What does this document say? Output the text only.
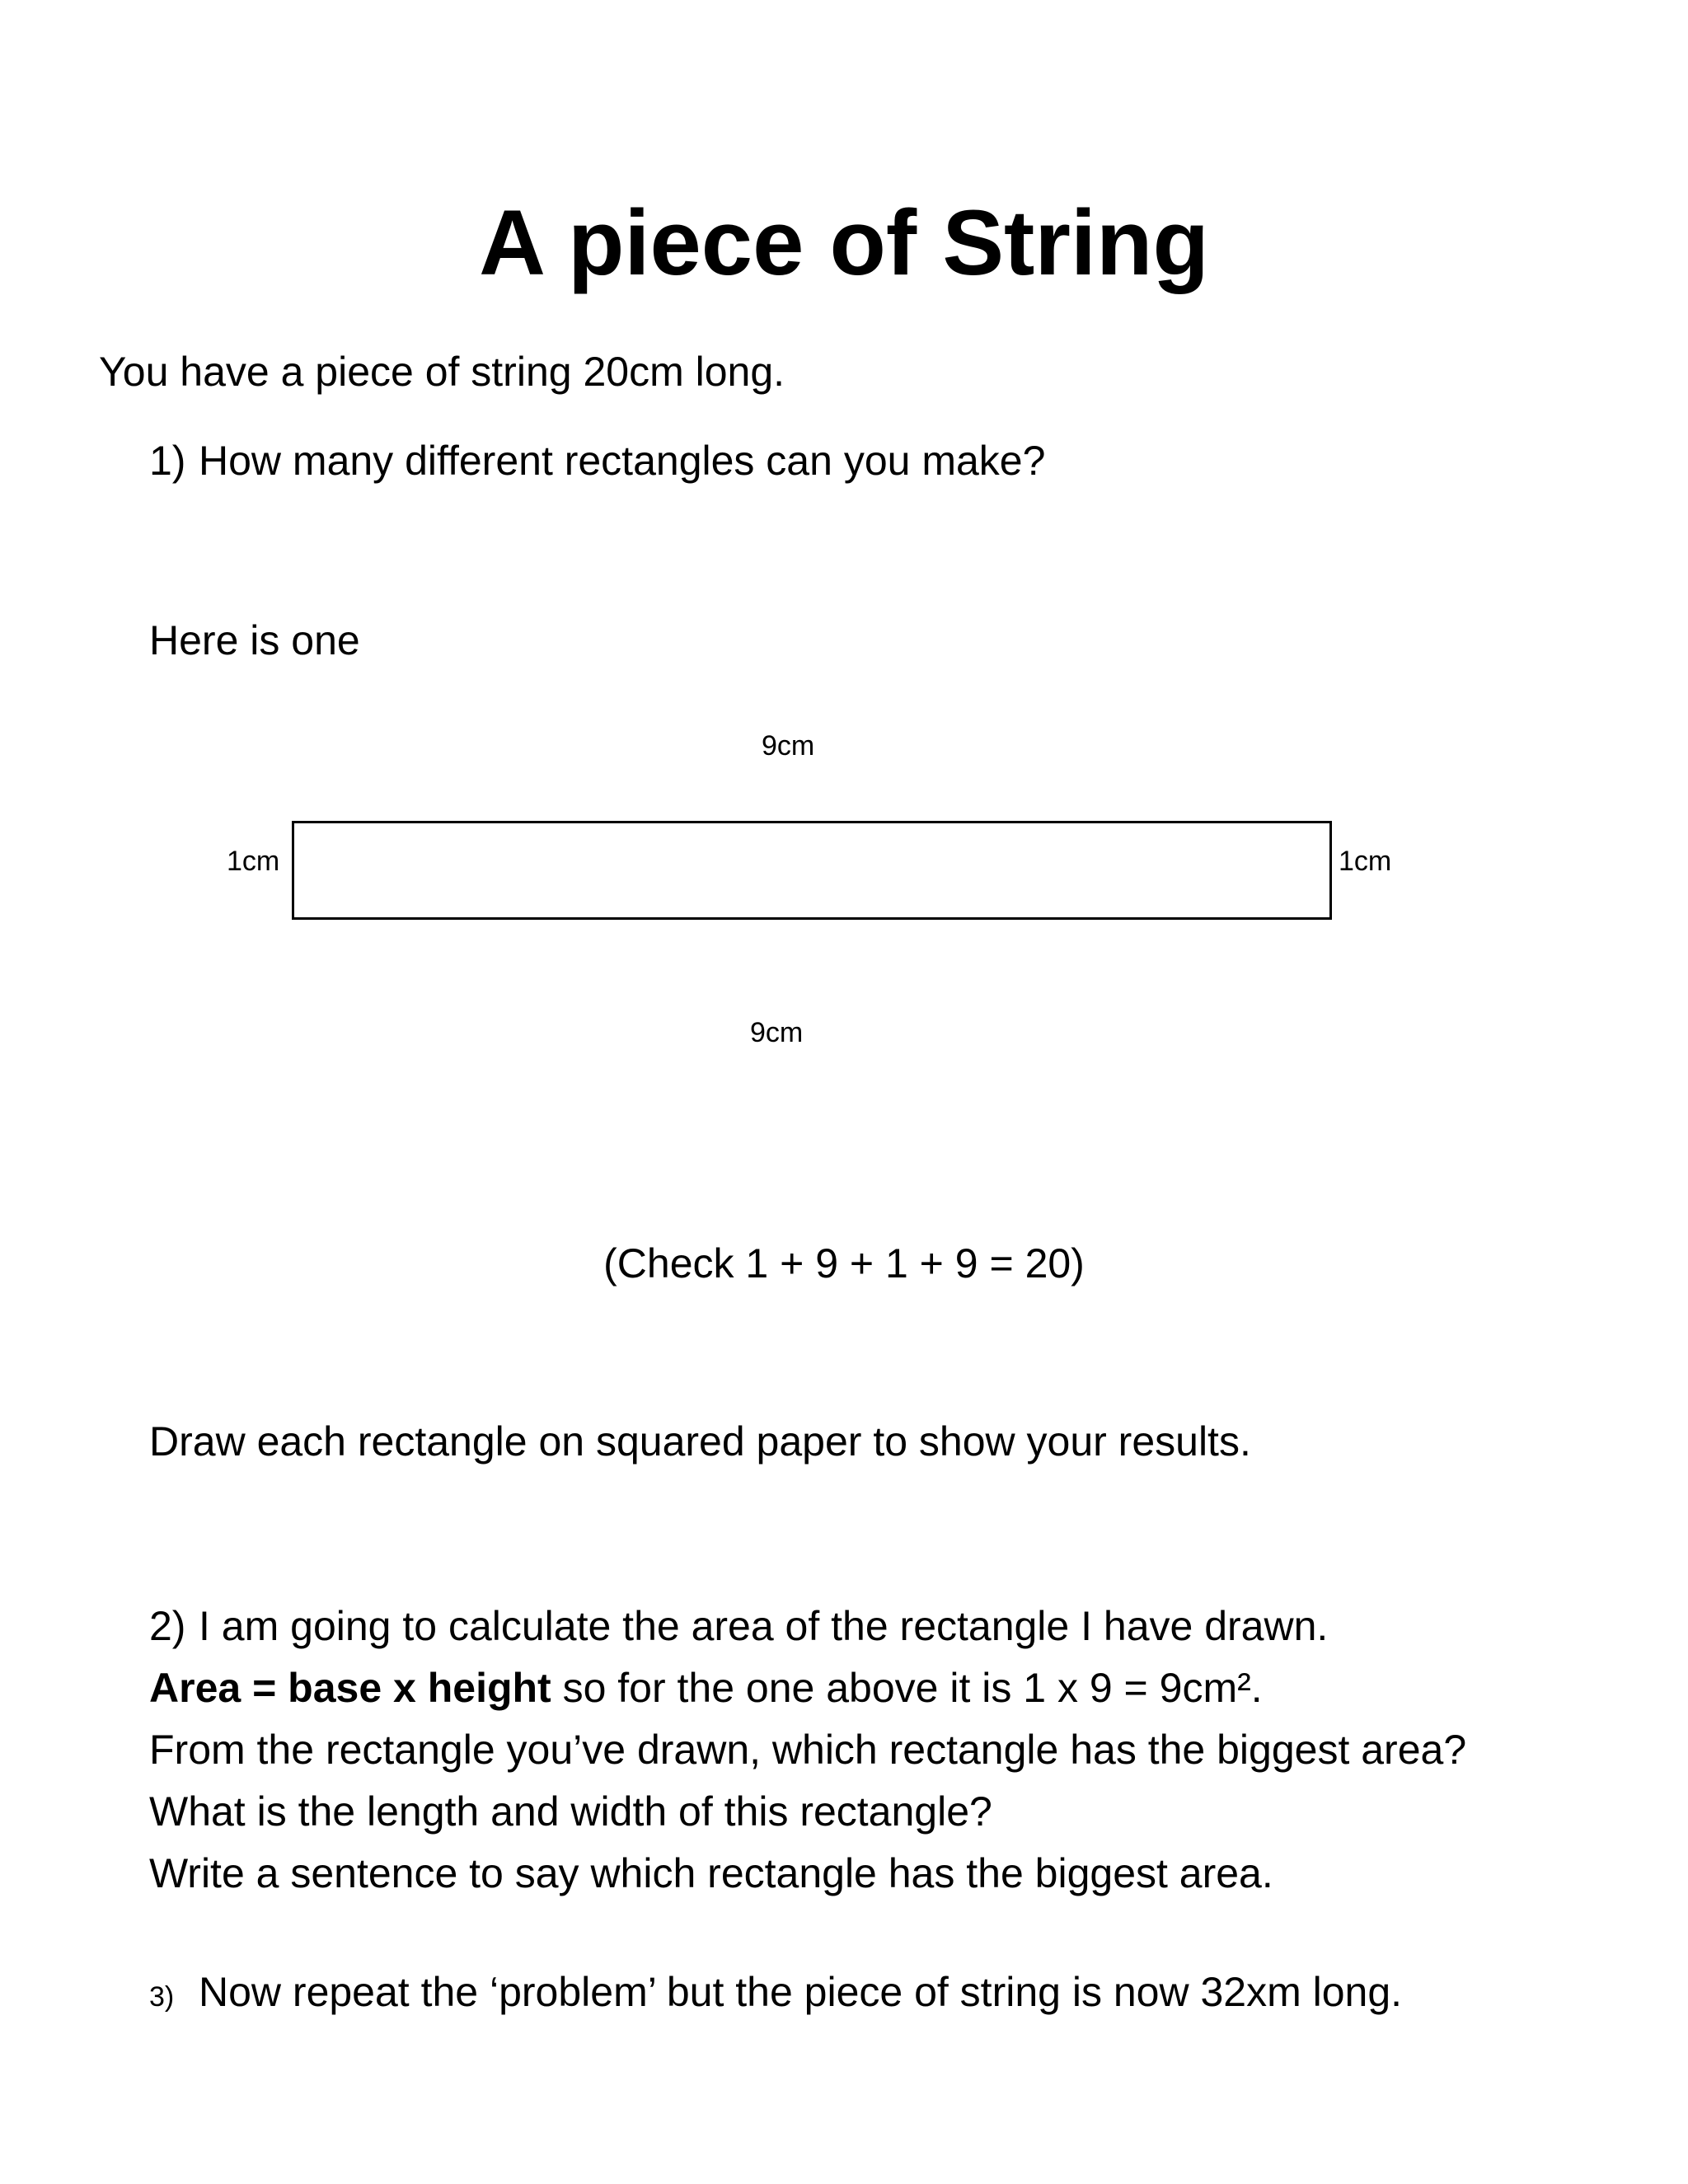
A piece of String
You have a piece of string 20cm long.
1) How many different rectangles can you make?
Here is one
9cm
1cm	1cm
9cm
(Check 1 + 9 + 1 + 9 = 20)
Draw each rectangle on squared paper to show your results.
2) I am going to calculate the area of the rectangle I have drawn.
Area = base x height so for the one above it is 1 x 9 = 9cm².
From the rectangle you’ve drawn, which rectangle has the biggest area?
What is the length and width of this rectangle?
Write a sentence to say which rectangle has the biggest area.
3) Now repeat the ‘problem’ but the piece of string is now 32xm long.
